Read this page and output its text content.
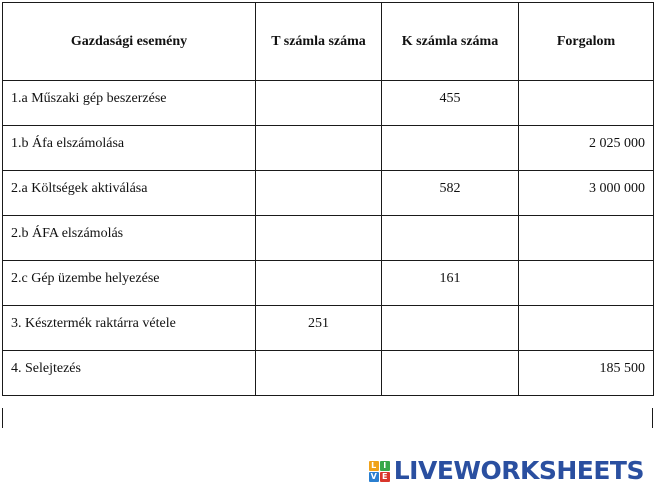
Gazdasági esemény	T számla száma	K számla száma	Forgalom
1.a Műszaki gép beszerzése		455	
1.b Áfa elszámolása			2 025 000
2.a Költségek aktiválása		582	3 000 000
2.b ÁFA elszámolás			
2.c Gép üzembe helyezése		161	
3. Késztermék raktárra vétele	251		
4. Selejtezés			185 500
L I
V E LIVEWORKSHEETS
